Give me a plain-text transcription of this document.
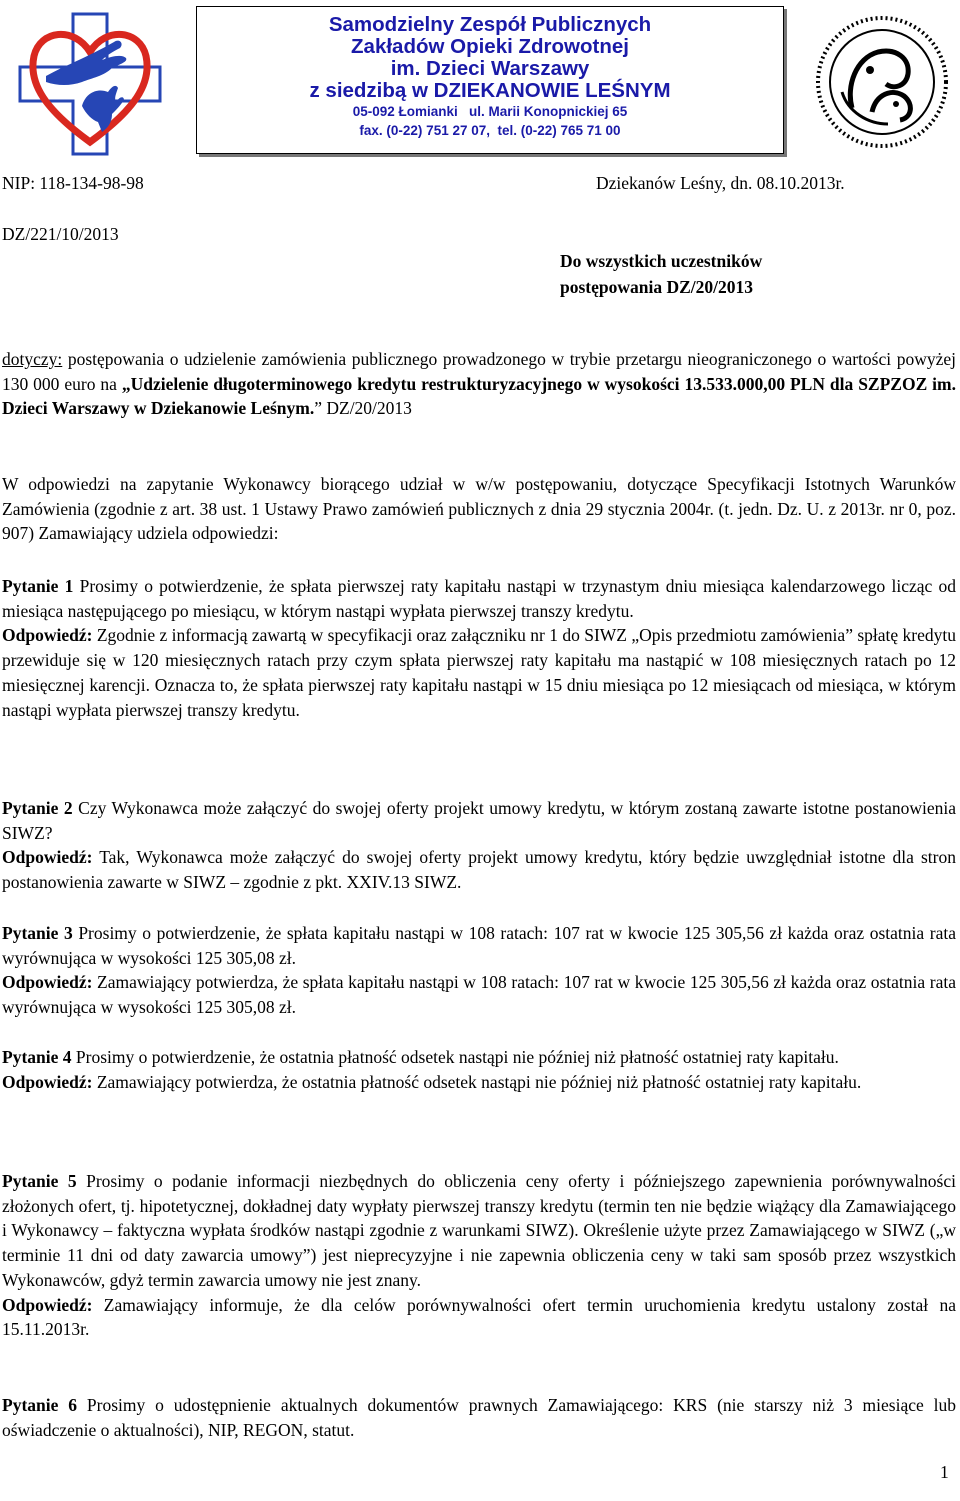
Samodzielny Zespół Publicznych
Zakładów Opieki Zdrowotnej
im. Dzieci Warszawy
z siedzibą w DZIEKANOWIE LEŚNYM
05-092 Łomianki   ul. Marii Konopnickiej 65
fax. (0-22) 751 27 07,  tel. (0-22) 765 71 00
NIP: 118-134-98-98	Dziekanów Leśny, dn. 08.10.2013r.
DZ/221/10/2013
Do wszystkich uczestników
postępowania DZ/20/2013

dotyczy: postępowania o udzielenie zamówienia publicznego prowadzonego w trybie przetargu nieograniczonego o wartości powyżej 130 000 euro na „Udzielenie długoterminowego kredytu restrukturyzacyjnego w wysokości 13.533.000,00 PLN dla SZPZOZ im. Dzieci Warszawy w Dziekanowie Leśnym.” DZ/20/2013

W odpowiedzi na zapytanie Wykonawcy biorącego udział w w/w postępowaniu, dotyczące Specyfikacji Istotnych Warunków Zamówienia (zgodnie z art. 38 ust. 1 Ustawy Prawo zamówień publicznych z dnia 29 stycznia 2004r. (t. jedn. Dz. U. z 2013r. nr 0, poz. 907) Zamawiający udziela odpowiedzi:

Pytanie 1 Prosimy o potwierdzenie, że spłata pierwszej raty kapitału nastąpi w trzynastym dniu miesiąca kalendarzowego licząc od miesiąca następującego po miesiącu, w którym nastąpi wypłata pierwszej transzy kredytu.

Odpowiedź: Zgodnie z informacją zawartą w specyfikacji oraz załączniku nr 1 do SIWZ „Opis przedmiotu zamówienia” spłatę kredytu przewiduje się w 120 miesięcznych ratach przy czym spłata pierwszej raty kapitału ma nastąpić w 108 miesięcznych ratach po 12 miesięcznej karencji. Oznacza to, że spłata pierwszej raty kapitału nastąpi w 15 dniu miesiąca po 12 miesiącach od miesiąca, w którym nastąpi wypłata pierwszej transzy kredytu.

Pytanie 2 Czy Wykonawca może załączyć do swojej oferty projekt umowy kredytu, w którym zostaną zawarte istotne postanowienia SIWZ?

Odpowiedź: Tak, Wykonawca może załączyć do swojej oferty projekt umowy kredytu, który będzie uwzględniał istotne dla stron postanowienia zawarte w SIWZ – zgodnie z pkt. XXIV.13 SIWZ.

Pytanie 3 Prosimy o potwierdzenie, że spłata kapitału nastąpi w 108 ratach: 107 rat w kwocie 125 305,56 zł każda oraz ostatnia rata wyrównująca w wysokości 125 305,08 zł.

Odpowiedź: Zamawiający potwierdza, że spłata kapitału nastąpi w 108 ratach: 107 rat w kwocie 125 305,56 zł każda oraz ostatnia rata wyrównująca w wysokości 125 305,08 zł.

Pytanie 4 Prosimy o potwierdzenie, że ostatnia płatność odsetek nastąpi nie później niż płatność ostatniej raty kapitału.

Odpowiedź: Zamawiający potwierdza, że ostatnia płatność odsetek nastąpi nie później niż płatność ostatniej raty kapitału.

Pytanie 5 Prosimy o podanie informacji niezbędnych do obliczenia ceny oferty i późniejszego zapewnienia porównywalności złożonych ofert, tj. hipotetycznej, dokładnej daty wypłaty pierwszej transzy kredytu (termin ten nie będzie wiążący dla Zamawiającego i Wykonawcy – faktyczna wypłata środków nastąpi zgodnie z warunkami SIWZ). Określenie użyte przez Zamawiającego w SIWZ („w terminie 11 dni od daty zawarcia umowy”) jest nieprecyzyjne i nie zapewnia obliczenia ceny w taki sam sposób przez wszystkich Wykonawców, gdyż termin zawarcia umowy nie jest znany.

Odpowiedź: Zamawiający informuje, że dla celów porównywalności ofert termin uruchomienia kredytu ustalony został na 15.11.2013r.

Pytanie 6 Prosimy o udostępnienie aktualnych dokumentów prawnych Zamawiającego: KRS (nie starszy niż 3 miesiące lub oświadczenie o aktualności), NIP, REGON, statut.

1
